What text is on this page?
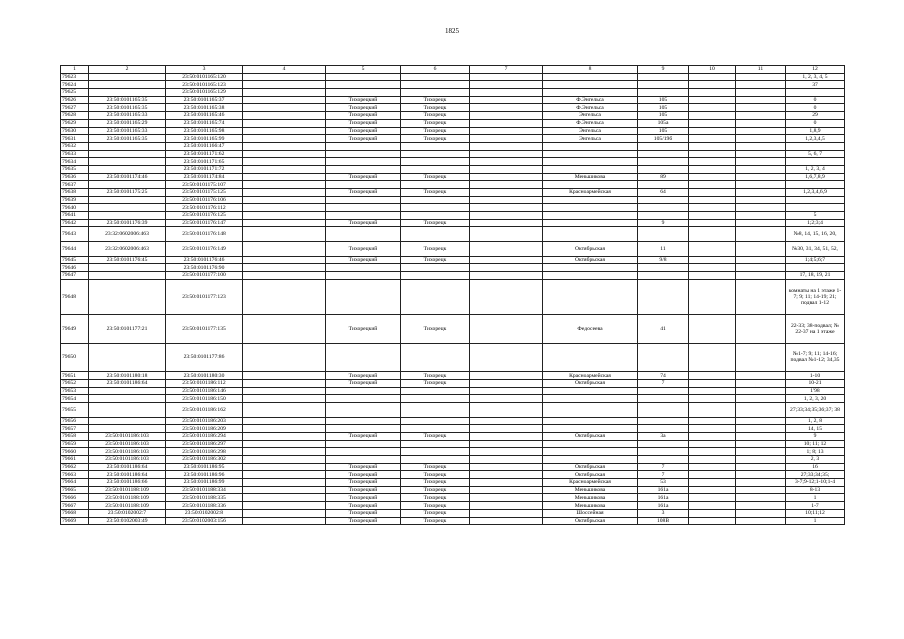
1825
1	2	3	4	5	6	7	8	9	10	11	12
79623		23:50:0101165:120									1, 2, 3, 4, 5
79624		23:50:0101165:123									37
79625		23:50:0101165:129									
79626	23:50:0101165:35	23:50:0101165:37		Тихорецкий	Тихорецк		Ф.Энгельса	105			0
79627	23:50:0101165:35	23:50:0101165:38		Тихорецкий	Тихорецк		Ф.Энгельса	105			0
79628	23:50:0101165:33	23:50:0101165:46		Тихорецкий	Тихорецк		Энгельса	105			29
79629	23:50:0101165:29	23:50:0101165:74		Тихорецкий	Тихорецк		Ф.Энгельса	105а			0
79630	23:50:0101165:33	23:50:0101165:98		Тихорецкий	Тихорецк		Энгельса	105			1,8,9
79631	23:50:0101165:35	23:50:0101165:99		Тихорецкий	Тихорецк		Энгельса	105/19б			1,2,3,4,5
79632		23:50:0101166:47									
79633		23:50:0101171:62									5, 6, 7
79634		23:50:0101171:65									
79635		23:50:0101171:72									1, 2, 3, 4
79636	23:50:0101174:46	23:50:0101174:84		Тихорецкий	Тихорецк		Меньшикова	89			1,6,7,8,9
79637		23:50:0101175:107									
79638	23:50:0101175:25	23:50:0101175:125		Тихорецкий	Тихорецк		Красноармейская	64			1,2,3,4,6,9
79639		23:50:0101176:106									
79640		23:50:0101176:112									
79641		23:50:0101176:125									5
79642	23:50:0101176:39	23:50:0101176:147		Тихорецкий	Тихорецк			9			1;2;3;4
79643	23:32:0602006:463	23:50:0101176:148									№8, 14, 15, 16, 20,
79644	23:32:0602006:463	23:50:0101176:149		Тихорецкий	Тихорецк		Октябрьская	11			№30, 31, 34, 51, 52,
79645	23:50:0101176:45	23:50:0101176:46		Тихорецкий	Тихорецк		Октябрьская	9/8			1;4;5;6;7
79646		23:50:0101176:90									
79647		23:50:0101177:100									17, 18, 19, 21
79648		23:50:0101177:123									комнаты на 1 этаже 1-7; 9; 11; 14-19; 21; подвал 1-12
79649	23:50:0101177:21	23:50:0101177:135		Тихорецкий	Тихорецк		Федосеева	41			22-33; 38-подвал; № 22-37 на 1 этаже
79650		23:50:0101177:86									№1-7; 9; 11; 14-16; подвал №1-12; 34,35
79651	23:50:0101180:18	23:50:0101180:30		Тихорецкий	Тихорецк		Красноармейская	74			1-10
79652	23:50:0101186:64	23:50:0101186:112		Тихорецкий	Тихорецк		Октябрьская	7			10-21
79653		23:50:0101186:146									1'98
79654		23:50:0101186:150									1, 2, 3, 20
79655		23:50:0101186:162									27;33;34;35;36;37; 38
79656		23:50:0101186:203									1, 2, 8
79657		23:50:0101186:209									14, 15
79658	23:50:0101186:103	23:50:0101186:294		Тихорецкий	Тихорецк		Октябрьская	3а			9
79659	23:50:0101186:103	23:50:0101186:297									10; 11; 12
79660	23:50:0101186:103	23:50:0101186:298									1; 8; 13
79661	23:50:0101186:103	23:50:0101186:302									2, 3
79662	23:50:0101186:64	23:50:0101186:95		Тихорецкий	Тихорецк		Октябрьская	7			16
79663	23:50:0101186:64	23:50:0101186:96		Тихорецкий	Тихорецк		Октябрьская	7			27;33;34;35;
79664	23:50:0101186:66	23:50:0101186:99		Тихорецкий	Тихорецк		Красноармейская	53			3-7;9-12;1-10;1-4
79665	23:50:0101188:109	23:50:0101188:334		Тихорецкий	Тихорецк		Меньшикова	161а			8-13
79666	23:50:0101188:109	23:50:0101188:335		Тихорецкий	Тихорецк		Меньшикова	161а			1
79667	23:50:0101188:109	23:50:0101188:336		Тихорецкий	Тихорецк		Меньшикова	161а			1-7
79668	23:50:0102002:7	23:50:0102002:8		Тихорецкий	Тихорецк		Шоссейная	3			10;11;12
79669	23:50:0102003:49	23:50:0102003:156		Тихорецкий	Тихорецк		Октябрьская	108В			1
